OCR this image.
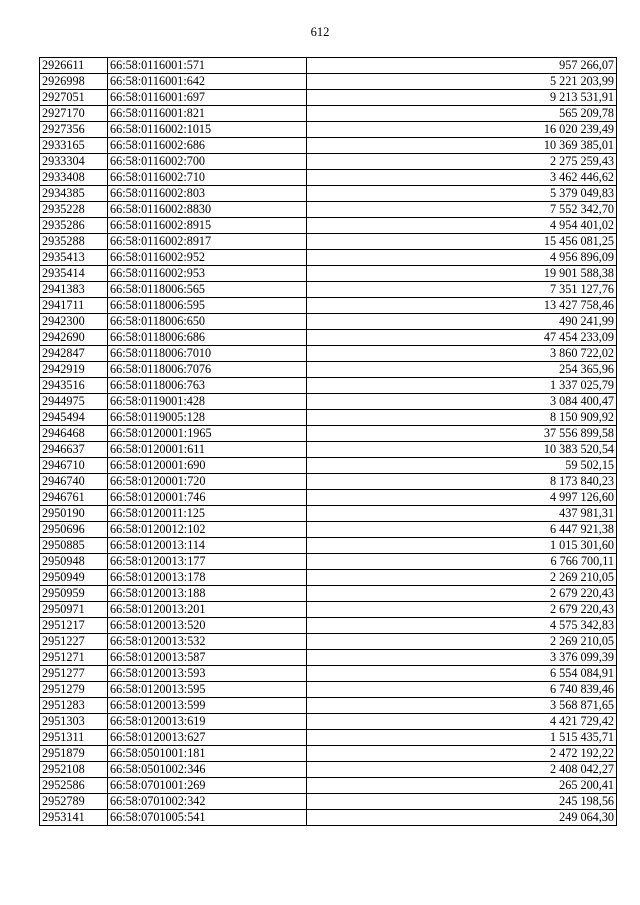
612
2926611	66:58:0116001:571	957 266,07
2926998	66:58:0116001:642	5 221 203,99
2927051	66:58:0116001:697	9 213 531,91
2927170	66:58:0116001:821	565 209,78
2927356	66:58:0116002:1015	16 020 239,49
2933165	66:58:0116002:686	10 369 385,01
2933304	66:58:0116002:700	2 275 259,43
2933408	66:58:0116002:710	3 462 446,62
2934385	66:58:0116002:803	5 379 049,83
2935228	66:58:0116002:8830	7 552 342,70
2935286	66:58:0116002:8915	4 954 401,02
2935288	66:58:0116002:8917	15 456 081,25
2935413	66:58:0116002:952	4 956 896,09
2935414	66:58:0116002:953	19 901 588,38
2941383	66:58:0118006:565	7 351 127,76
2941711	66:58:0118006:595	13 427 758,46
2942300	66:58:0118006:650	490 241,99
2942690	66:58:0118006:686	47 454 233,09
2942847	66:58:0118006:7010	3 860 722,02
2942919	66:58:0118006:7076	254 365,96
2943516	66:58:0118006:763	1 337 025,79
2944975	66:58:0119001:428	3 084 400,47
2945494	66:58:0119005:128	8 150 909,92
2946468	66:58:0120001:1965	37 556 899,58
2946637	66:58:0120001:611	10 383 520,54
2946710	66:58:0120001:690	59 502,15
2946740	66:58:0120001:720	8 173 840,23
2946761	66:58:0120001:746	4 997 126,60
2950190	66:58:0120011:125	437 981,31
2950696	66:58:0120012:102	6 447 921,38
2950885	66:58:0120013:114	1 015 301,60
2950948	66:58:0120013:177	6 766 700,11
2950949	66:58:0120013:178	2 269 210,05
2950959	66:58:0120013:188	2 679 220,43
2950971	66:58:0120013:201	2 679 220,43
2951217	66:58:0120013:520	4 575 342,83
2951227	66:58:0120013:532	2 269 210,05
2951271	66:58:0120013:587	3 376 099,39
2951277	66:58:0120013:593	6 554 084,91
2951279	66:58:0120013:595	6 740 839,46
2951283	66:58:0120013:599	3 568 871,65
2951303	66:58:0120013:619	4 421 729,42
2951311	66:58:0120013:627	1 515 435,71
2951879	66:58:0501001:181	2 472 192,22
2952108	66:58:0501002:346	2 408 042,27
2952586	66:58:0701001:269	265 200,41
2952789	66:58:0701002:342	245 198,56
2953141	66:58:0701005:541	249 064,30
